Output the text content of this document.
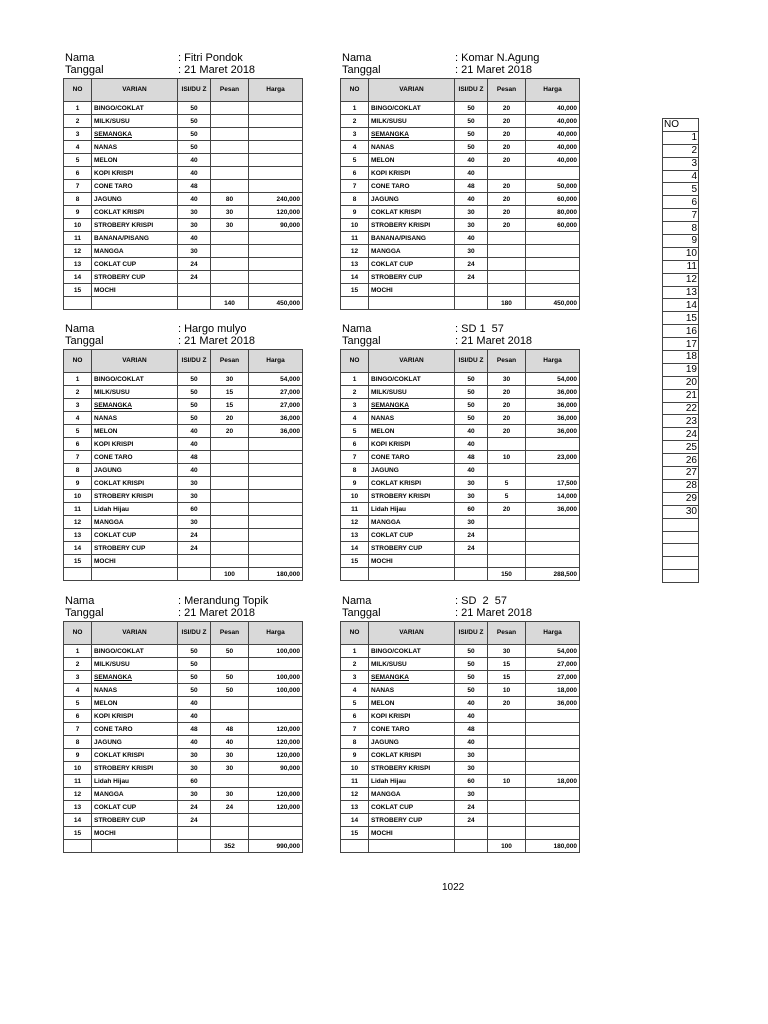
Nama	: Fitri Pondok
Tanggal	: 21 Maret 2018
NO	VARIAN	ISI/DU Z	Pesan	Harga
1	BINGO/COKLAT	50		
2	MILK/SUSU	50		
3	SEMANGKA	50		
4	NANAS	50		
5	MELON	40		
6	KOPI KRISPI	40		
7	CONE TARO	48		
8	JAGUNG	40	80	240,000
9	COKLAT KRISPI	30	30	120,000
10	STROBERY KRISPI	30	30	90,000
11	BANANA/PISANG	40		
12	MANGGA	30		
13	COKLAT CUP	24		
14	STROBERY CUP	24		
15	MOCHI			
			140	450,000
Nama	: Komar N.Agung
Tanggal	: 21 Maret 2018
NO	VARIAN	ISI/DU Z	Pesan	Harga
1	BINGO/COKLAT	50	20	40,000
2	MILK/SUSU	50	20	40,000
3	SEMANGKA	50	20	40,000
4	NANAS	50	20	40,000
5	MELON	40	20	40,000
6	KOPI KRISPI	40		
7	CONE TARO	48	20	50,000
8	JAGUNG	40	20	60,000
9	COKLAT KRISPI	30	20	80,000
10	STROBERY KRISPI	30	20	60,000
11	BANANA/PISANG	40		
12	MANGGA	30		
13	COKLAT CUP	24		
14	STROBERY CUP	24		
15	MOCHI			
			180	450,000
Nama	: Hargo mulyo
Tanggal	: 21 Maret 2018
NO	VARIAN	ISI/DU Z	Pesan	Harga
1	BINGO/COKLAT	50	30	54,000
2	MILK/SUSU	50	15	27,000
3	SEMANGKA	50	15	27,000
4	NANAS	50	20	36,000
5	MELON	40	20	36,000
6	KOPI KRISPI	40		
7	CONE TARO	48		
8	JAGUNG	40		
9	COKLAT KRISPI	30		
10	STROBERY KRISPI	30		
11	Lidah Hijau	60		
12	MANGGA	30		
13	COKLAT CUP	24		
14	STROBERY CUP	24		
15	MOCHI			
			100	180,000
Nama	: SD 1  57
Tanggal	: 21 Maret 2018
NO	VARIAN	ISI/DU Z	Pesan	Harga
1	BINGO/COKLAT	50	30	54,000
2	MILK/SUSU	50	20	36,000
3	SEMANGKA	50	20	36,000
4	NANAS	50	20	36,000
5	MELON	40	20	36,000
6	KOPI KRISPI	40		
7	CONE TARO	48	10	23,000
8	JAGUNG	40		
9	COKLAT KRISPI	30	5	17,500
10	STROBERY KRISPI	30	5	14,000
11	Lidah Hijau	60	20	36,000
12	MANGGA	30		
13	COKLAT CUP	24		
14	STROBERY CUP	24		
15	MOCHI			
			150	288,500
Nama	: Merandung Topik
Tanggal	: 21 Maret 2018
NO	VARIAN	ISI/DU Z	Pesan	Harga
1	BINGO/COKLAT	50	50	100,000
2	MILK/SUSU	50		
3	SEMANGKA	50	50	100,000
4	NANAS	50	50	100,000
5	MELON	40		
6	KOPI KRISPI	40		
7	CONE TARO	48	48	120,000
8	JAGUNG	40	40	120,000
9	COKLAT KRISPI	30	30	120,000
10	STROBERY KRISPI	30	30	90,000
11	Lidah Hijau	60		
12	MANGGA	30	30	120,000
13	COKLAT CUP	24	24	120,000
14	STROBERY CUP	24		
15	MOCHI			
			352	990,000
Nama	: SD  2  57
Tanggal	: 21 Maret 2018
NO	VARIAN	ISI/DU Z	Pesan	Harga
1	BINGO/COKLAT	50	30	54,000
2	MILK/SUSU	50	15	27,000
3	SEMANGKA	50	15	27,000
4	NANAS	50	10	18,000
5	MELON	40	20	36,000
6	KOPI KRISPI	40		
7	CONE TARO	48		
8	JAGUNG	40		
9	COKLAT KRISPI	30		
10	STROBERY KRISPI	30		
11	Lidah Hijau	60	10	18,000
12	MANGGA	30		
13	COKLAT CUP	24		
14	STROBERY CUP	24		
15	MOCHI			
			100	180,000
NO
1
2
3
4
5
6
7
8
9
10
11
12
13
14
15
16
17
18
19
20
21
22
23
24
25
26
27
28
29
30

1022
